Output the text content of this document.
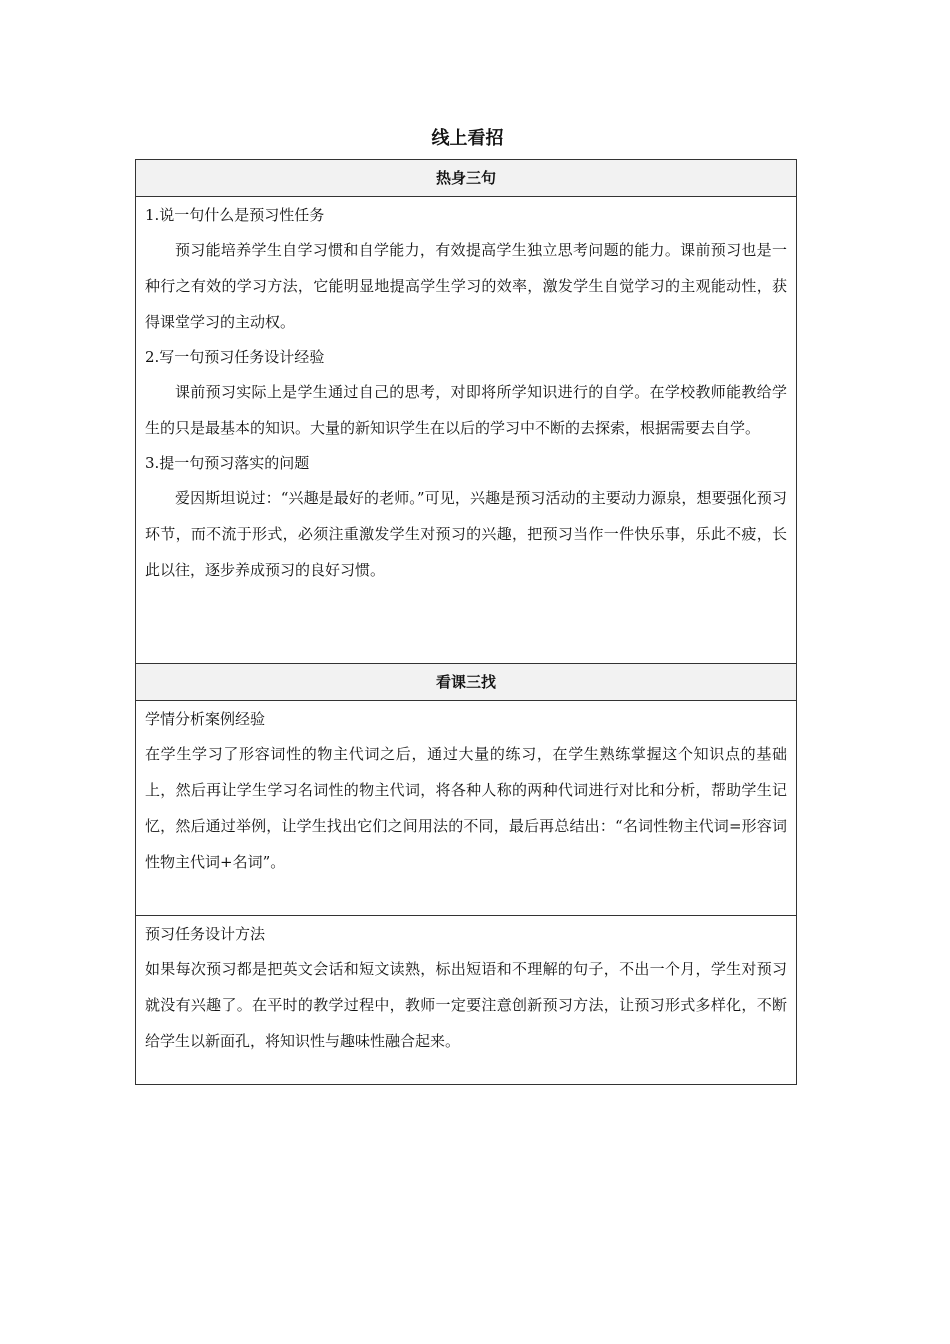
线上看招
热身三句
1.说一句什么是预习性任务
预习能培养学生自学习惯和自学能力，有效提高学生独立思考问题的能力。课前预习也是一种行之有效的学习方法，它能明显地提高学生学习的效率，激发学生自觉学习的主观能动性，获得课堂学习的主动权。
2.写一句预习任务设计经验
课前预习实际上是学生通过自己的思考，对即将所学知识进行的自学。在学校教师能教给学生的只是最基本的知识。大量的新知识学生在以后的学习中不断的去探索，根据需要去自学。
3.提一句预习落实的问题
爱因斯坦说过：“兴趣是最好的老师。”可见，兴趣是预习活动的主要动力源泉，想要强化预习环节，而不流于形式，必须注重激发学生对预习的兴趣，把预习当作一件快乐事，乐此不疲，长此以往，逐步养成预习的良好习惯。
看课三找
学情分析案例经验
在学生学习了形容词性的物主代词之后，通过大量的练习，在学生熟练掌握这个知识点的基础上，然后再让学生学习名词性的物主代词，将各种人称的两种代词进行对比和分析，帮助学生记忆，然后通过举例，让学生找出它们之间用法的不同，最后再总结出：“名词性物主代词=形容词性物主代词+名词”。
预习任务设计方法
如果每次预习都是把英文会话和短文读熟，标出短语和不理解的句子，不出一个月，学生对预习就没有兴趣了。在平时的教学过程中，教师一定要注意创新预习方法，让预习形式多样化，不断给学生以新面孔，将知识性与趣味性融合起来。
